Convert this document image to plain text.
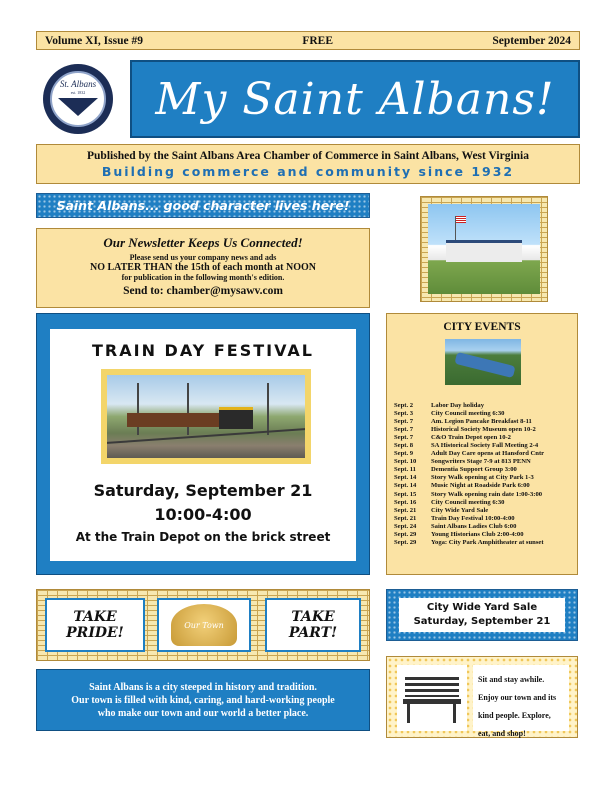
Volume XI, Issue #9	FREE	September 2024
St. Albans
est. 1832 My Saint Albans!
Published by the Saint Albans Area Chamber of Commerce in Saint Albans, West Virginia
Building commerce and community since 1932
Saint Albans... good character lives here!
Our Newsletter Keeps Us Connected!
Please send us your company news and ads
NO LATER THAN the 15th of each month at NOON
for publication in the following month's edition.
Send to: chamber@mysawv.com
TRAIN DAY FESTIVAL
Saturday, September 21
10:00-4:00
At the Train Depot on the brick street
CITY EVENTS
Sept. 2	Labor Day holiday
Sept. 3	City Council meeting 6:30
Sept. 7	Am. Legion Pancake Breakfast 8-11
Sept. 7	Historical Society Museum open 10-2
Sept. 7	C&O Train Depot open 10-2
Sept. 8	SA Historical Society Fall Meeting 2-4
Sept. 9	Adult Day Care opens at Hansford Cntr
Sept. 10	Songwriters Stage 7-9 at 813 PENN
Sept. 11	Dementia Support Group 3:00
Sept. 14	Story Walk opening at City Park 1-3
Sept. 14	Music Night at Roadside Park 6:00
Sept. 15	Story Walk opening rain date 1:00-3:00
Sept. 16	City Council meeting 6:30
Sept. 21	City Wide Yard Sale
Sept. 21	Train Day Festival 10:00-4:00
Sept. 24	Saint Albans Ladies Club 6:00
Sept. 29	Young Historians Club 2:00-4:00
Sept. 29	Yoga: City Park Amphitheater at sunset
TAKE PRIDE!	Our Town	TAKE PART!
City Wide Yard Sale
Saturday, September 21
Saint Albans is a city steeped in history and tradition.
Our town is filled with kind, caring, and hard-working people
who make our town and our world a better place.
Sit and stay awhile. Enjoy our town and its kind people. Explore, eat, and shop!
